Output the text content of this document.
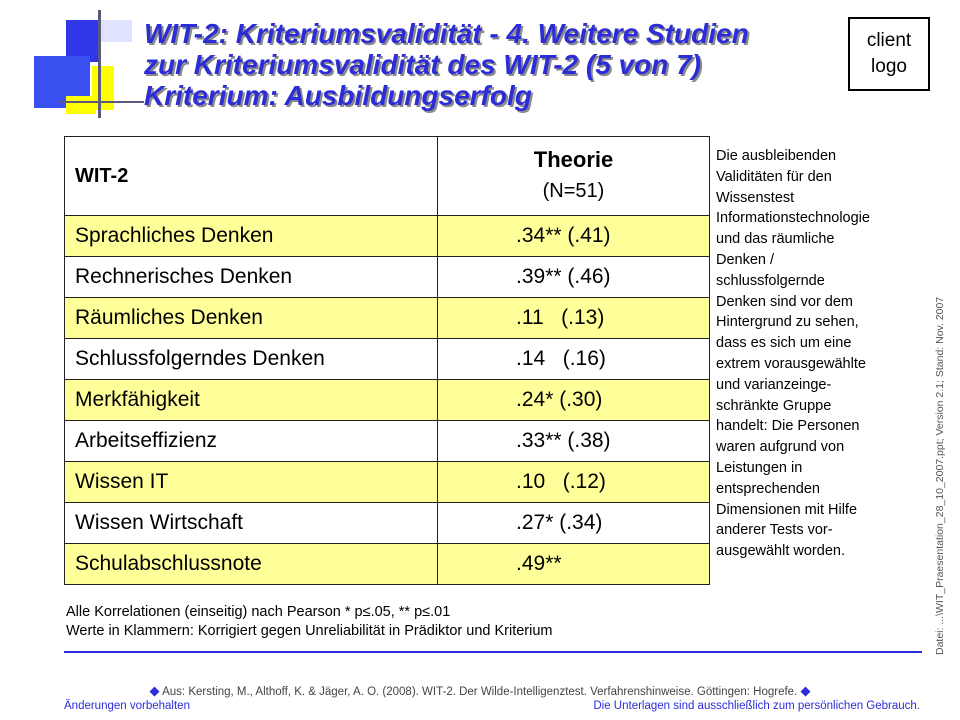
WIT-2: Kriteriumsvalidität - 4. Weitere Studien
zur Kriteriumsvalidität des WIT-2 (5 von 7)
Kriterium: Ausbildungserfolg
client
logo
WIT-2	Theorie
(N=51)

Sprachliches Denken	.34** (.41)
Rechnerisches Denken	.39** (.46)
Räumliches Denken	.11   (.13)
Schlussfolgerndes Denken	.14   (.16)
Merkfähigkeit	.24* (.30)
Arbeitseffizienz	.33** (.38)
Wissen IT	.10   (.12)
Wissen Wirtschaft	.27* (.34)
Schulabschlussnote	.49**
Die ausbleibenden
Validitäten für den
Wissenstest
Informationstechnologie
und das räumliche
Denken /
schlussfolgernde
Denken sind vor dem
Hintergrund zu sehen,
dass es sich um eine
extrem vorausgewählte
und varianzeinge-
schränkte Gruppe
handelt: Die Personen
waren aufgrund von
Leistungen in
entsprechenden
Dimensionen mit Hilfe
anderer Tests vor-
ausgewählt worden.
Alle Korrelationen (einseitig) nach Pearson * p≤.05, ** p≤.01
Werte in Klammern: Korrigiert gegen Unreliabilität in Prädiktor und Kriterium
◆ Aus: Kersting, M., Althoff, K. & Jäger, A. O. (2008). WIT-2. Der Wilde-Intelligenztest. Verfahrenshinweise. Göttingen: Hogrefe. ◆
Änderungen vorbehalten	Die Unterlagen sind ausschließlich zum persönlichen Gebrauch.
Datei: ...\WIT_Praesentation_28_10_2007.ppt; Version 2.1; Stand: Nov. 2007
